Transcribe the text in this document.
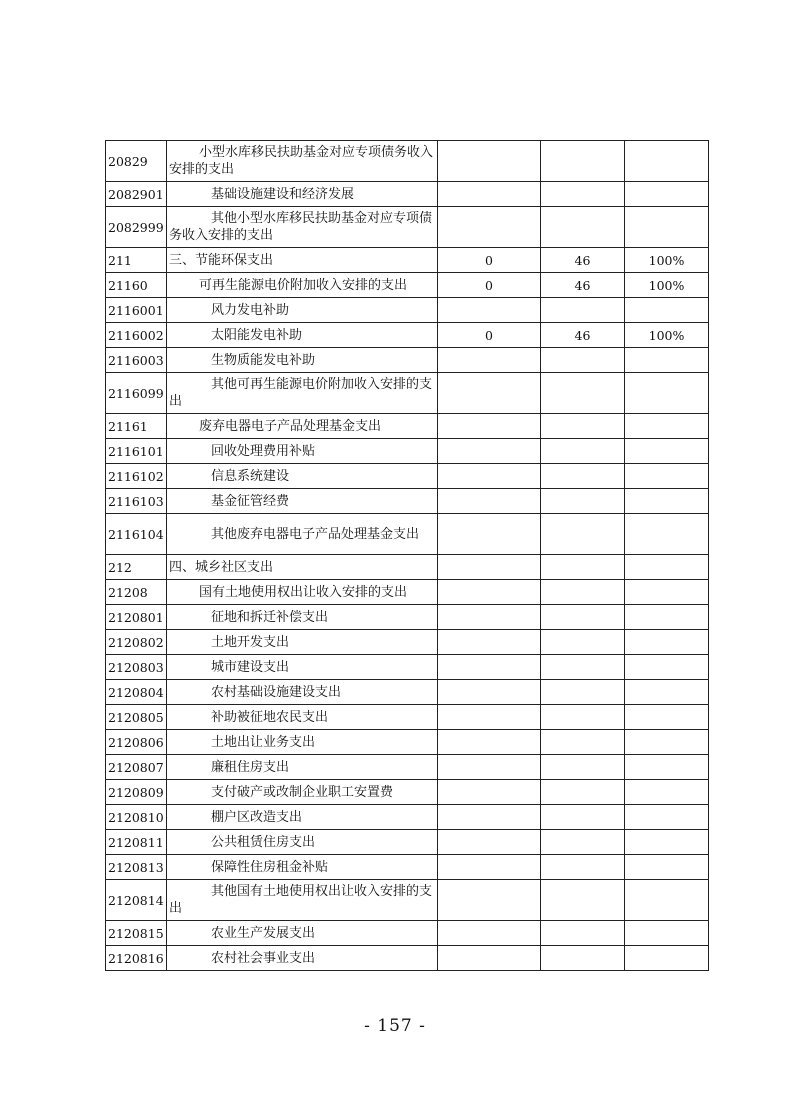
20829	小型水库移民扶助基金对应专项债务收入安排的支出			

2082901	基础设施建设和经济发展			
2082999	其他小型水库移民扶助基金对应专项债务收入安排的支出			

211	三、节能环保支出	0	46	100%
21160	可再生能源电价附加收入安排的支出	0	46	100%
2116001	风力发电补助			
2116002	太阳能发电补助	0	46	100%
2116003	生物质能发电补助			
2116099	其他可再生能源电价附加收入安排的支出			

21161	废弃电器电子产品处理基金支出			
2116101	回收处理费用补贴			
2116102	信息系统建设			
2116103	基金征管经费			
2116104	其他废弃电器电子产品处理基金支出			

212	四、城乡社区支出			
21208	国有土地使用权出让收入安排的支出			
2120801	征地和拆迁补偿支出			
2120802	土地开发支出			
2120803	城市建设支出			
2120804	农村基础设施建设支出			
2120805	补助被征地农民支出			
2120806	土地出让业务支出			
2120807	廉租住房支出			
2120809	支付破产或改制企业职工安置费			
2120810	棚户区改造支出			
2120811	公共租赁住房支出			
2120813	保障性住房租金补贴			
2120814	其他国有土地使用权出让收入安排的支出			

2120815	农业生产发展支出			
2120816	农村社会事业支出			
- 157 -
